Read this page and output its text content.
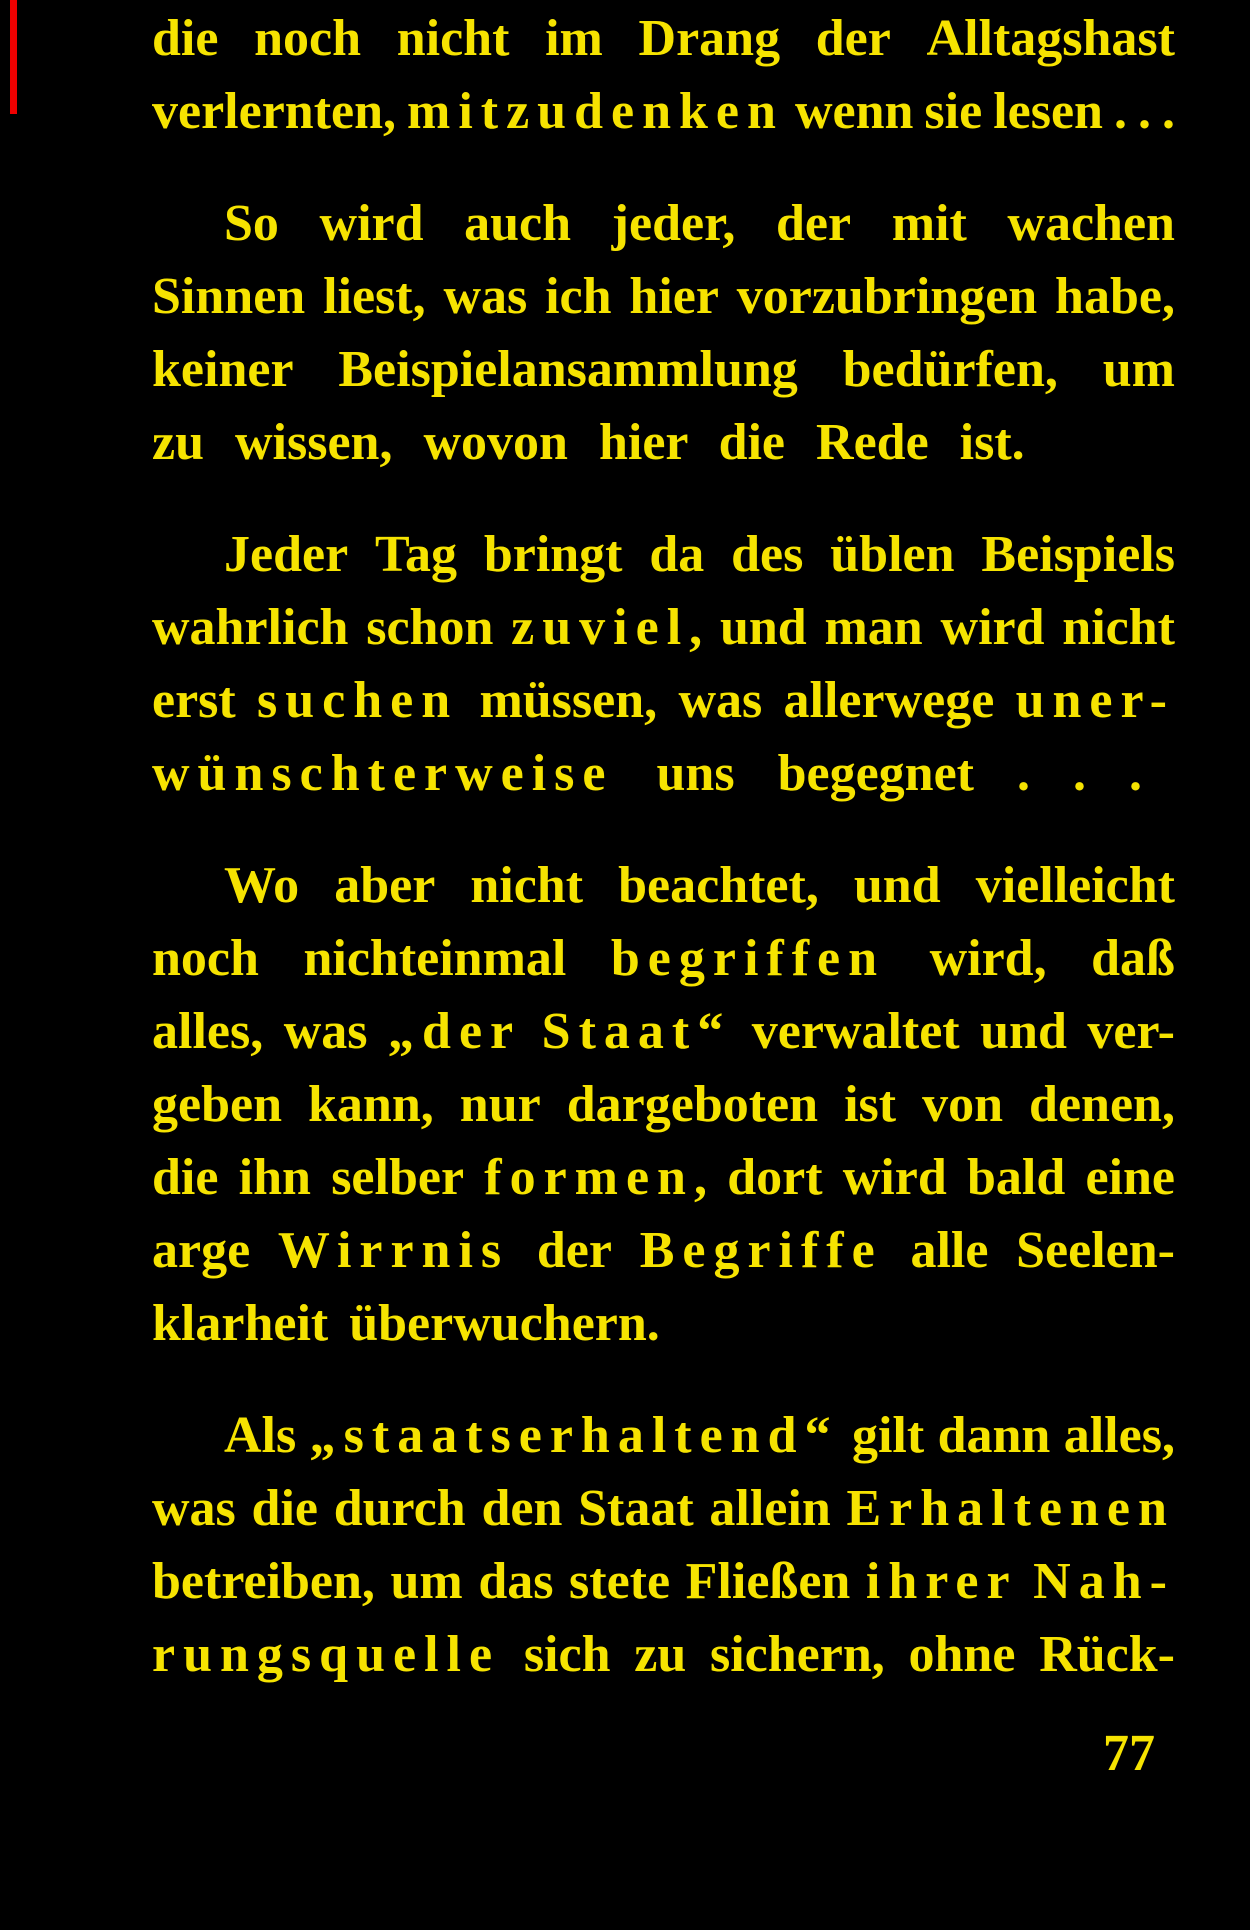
die noch nicht im Drang der Alltagshast
verlernten, mitzudenken wenn sie lesen . . .
So wird auch jeder, der mit wachen
Sinnen liest, was ich hier vorzubringen habe,
keiner Beispielansammlung bedürfen, um
zu wissen, wovon hier die Rede ist.
Jeder Tag bringt da des üblen Beispiels
wahrlich schon zuviel, und man wird nicht
erst suchen müssen, was allerwege uner-
wünschterweise uns begegnet . . .
Wo aber nicht beachtet, und vielleicht
noch nichteinmal begriffen wird, daß
alles, was „der Staat“ verwaltet und ver-
geben kann, nur dargeboten ist von denen,
die ihn selber formen, dort wird bald eine
arge Wirrnis der Begriffe alle Seelen-
klarheit überwuchern.
Als „staatserhaltend“ gilt dann alles,
was die durch den Staat allein Erhaltenen
betreiben, um das stete Fließen ihrer Nah-
rungsquelle sich zu sichern, ohne Rück-
77
